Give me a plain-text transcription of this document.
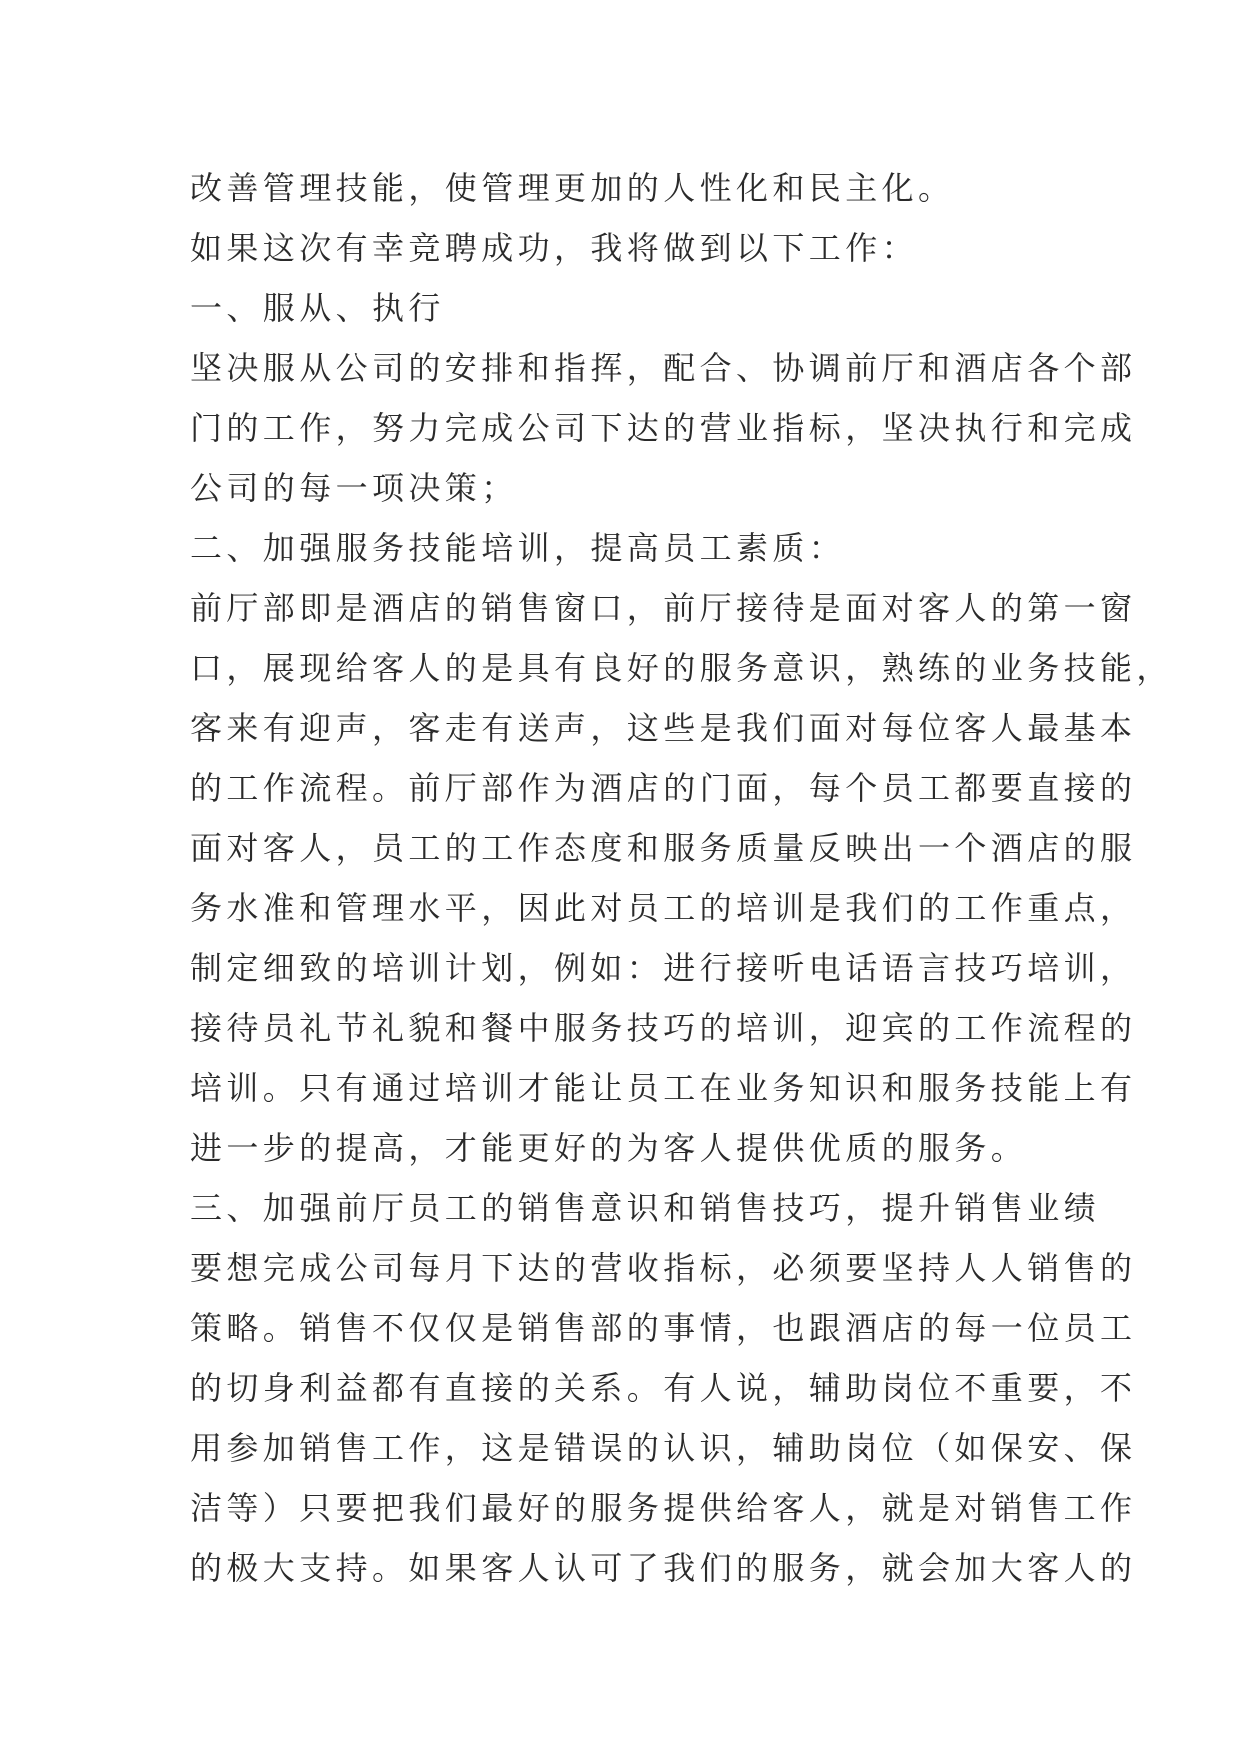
改善管理技能，使管理更加的人性化和民主化。
如果这次有幸竞聘成功，我将做到以下工作：
一、服从、执行
坚决服从公司的安排和指挥，配合、协调前厅和酒店各个部
门的工作，努力完成公司下达的营业指标，坚决执行和完成
公司的每一项决策；
二、加强服务技能培训，提高员工素质：
前厅部即是酒店的销售窗口，前厅接待是面对客人的第一窗
口，展现给客人的是具有良好的服务意识，熟练的业务技能，
客来有迎声，客走有送声，这些是我们面对每位客人最基本
的工作流程。前厅部作为酒店的门面，每个员工都要直接的
面对客人，员工的工作态度和服务质量反映出一个酒店的服
务水准和管理水平，因此对员工的培训是我们的工作重点，
制定细致的培训计划，例如：进行接听电话语言技巧培训，
接待员礼节礼貌和餐中服务技巧的培训，迎宾的工作流程的
培训。只有通过培训才能让员工在业务知识和服务技能上有
进一步的提高，才能更好的为客人提供优质的服务。
三、加强前厅员工的销售意识和销售技巧，提升销售业绩
要想完成公司每月下达的营收指标，必须要坚持人人销售的
策略。销售不仅仅是销售部的事情，也跟酒店的每一位员工
的切身利益都有直接的关系。有人说，辅助岗位不重要，不
用参加销售工作，这是错误的认识，辅助岗位（如保安、保
洁等）只要把我们最好的服务提供给客人，就是对销售工作
的极大支持。如果客人认可了我们的服务，就会加大客人的
